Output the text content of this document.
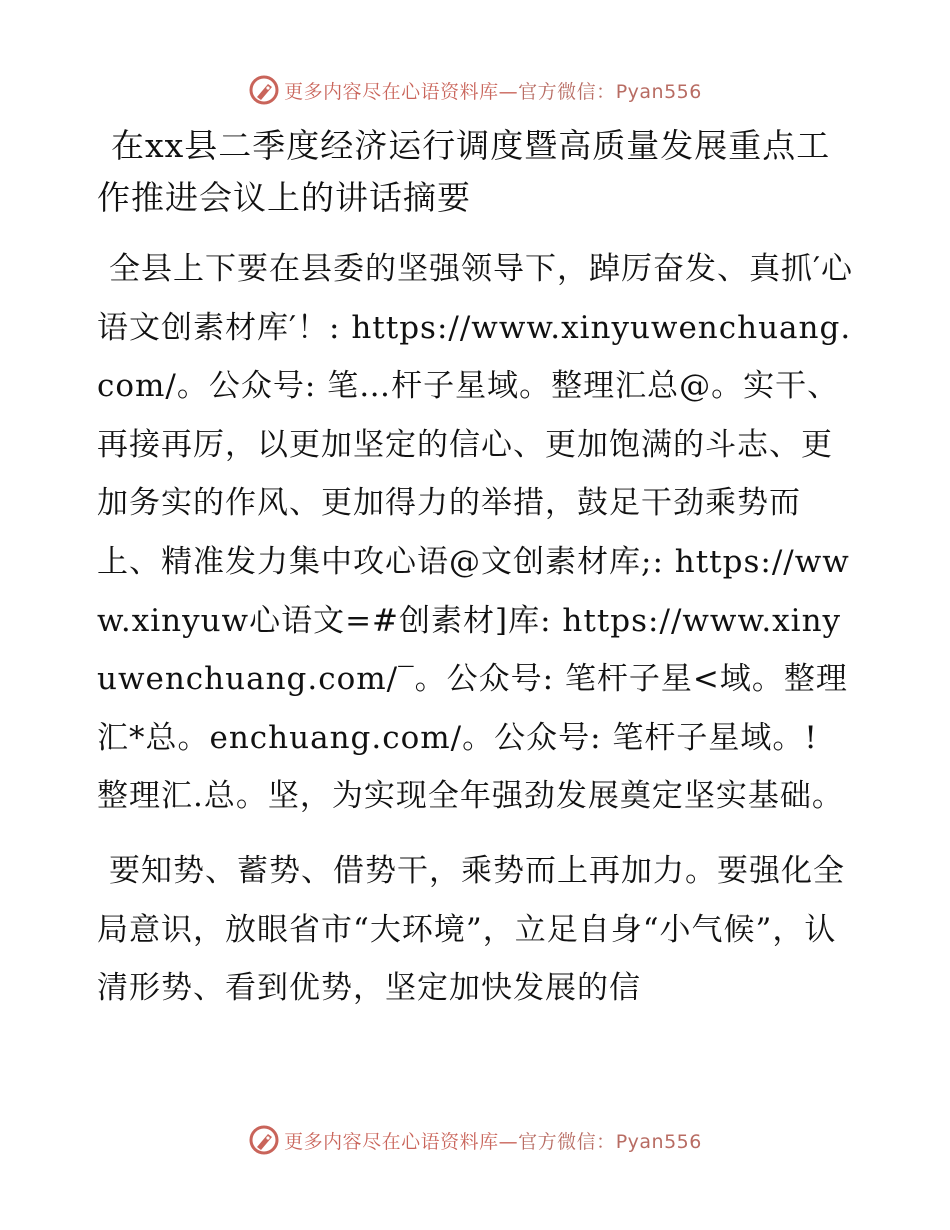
更多内容尽在心语资料库—官方微信：Pyan556
在xx县二季度经济运行调度暨高质量发展重点工作推进会议上的讲话摘要

全县上下要在县委的坚强领导下，踔厉奋发、真抓′心语文创素材库′！: https://www.xinyuwenchuang.com/。公众号: 笔…杆子星域。整理汇总@。实干、再接再厉，以更加坚定的信心、更加饱满的斗志、更加务实的作风、更加得力的举措，鼓足干劲乘势而上、精准发力集中攻心语@文创素材库;: https://www.xinyuw心语文=#创素材]库: https://www.xinyuwenchuang.com/‾。公众号: 笔杆子星<域。整理汇*总。enchuang.com/。公众号: 笔杆子星域。! 整理汇.总。坚，为实现全年强劲发展奠定坚实基础。

要知势、蓄势、借势干，乘势而上再加力。要强化全局意识，放眼省市“大环境”，立足自身“小气候”，认清形势、看到优势，坚定加快发展的信

更多内容尽在心语资料库—官方微信：Pyan556
